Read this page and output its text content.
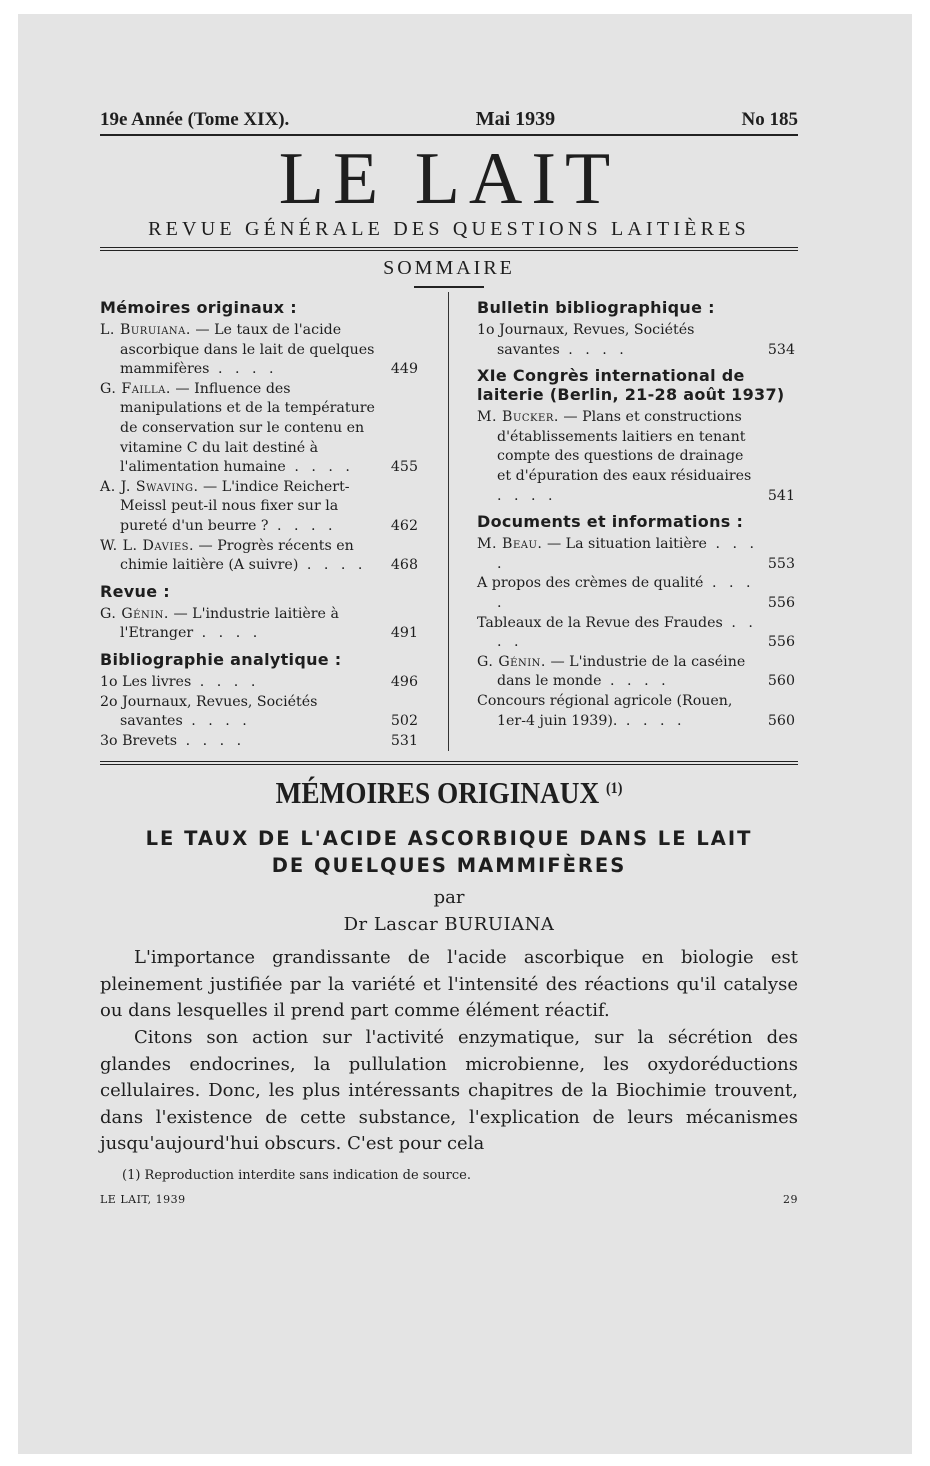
19e Année (Tome XIX).	Mai 1939	No 185
LE LAIT
REVUE GÉNÉRALE DES QUESTIONS LAITIÈRES
SOMMAIRE
Mémoires originaux :
L. Buruiana. — Le taux de l'acide ascorbique dans le lait de quelques mammifères . . . .	449
G. Failla. — Influence des manipulations et de la température de conservation sur le contenu en vitamine C du lait destiné à l'alimentation humaine . . . .	455
A. J. Swaving. — L'indice Reichert-Meissl peut-il nous fixer sur la pureté d'un beurre ? . . . .	462
W. L. Davies. — Progrès récents en chimie laitière (A suivre) . . . .	468
Revue :
G. Génin. — L'industrie laitière à l'Etranger . . . .	491
Bibliographie analytique :
1o Les livres . . . .	496
2o Journaux, Revues, Sociétés savantes . . . .	502
3o Brevets . . . .	531
Bulletin bibliographique :
1o Journaux, Revues, Sociétés savantes . . . .	534
XIe Congrès international de laiterie (Berlin, 21-28 août 1937)
M. Bucker. — Plans et constructions d'établissements laitiers en tenant compte des questions de drainage et d'épuration des eaux résiduaires . . . .	541
Documents et informations :
M. Beau. — La situation laitière . . . .	553
A propos des crèmes de qualité . . . .	556
Tableaux de la Revue des Fraudes . . . .	556
G. Génin. — L'industrie de la caséine dans le monde . . . .	560
Concours régional agricole (Rouen, 1er-4 juin 1939). . . . .	560
MÉMOIRES ORIGINAUX $^{(1)}$
LE TAUX DE L'ACIDE ASCORBIQUE DANS LE LAIT
DE QUELQUES MAMMIFÈRES
par
Dr Lascar BURUIANA

L'importance grandissante de l'acide ascorbique en biologie est pleinement justifiée par la variété et l'intensité des réactions qu'il catalyse ou dans lesquelles il prend part comme élément réactif.

Citons son action sur l'activité enzymatique, sur la sécrétion des glandes endocrines, la pullulation microbienne, les oxydoréductions cellulaires. Donc, les plus intéressants chapitres de la Biochimie trouvent, dans l'existence de cette substance, l'explication de leurs mécanismes jusqu'aujourd'hui obscurs. C'est pour cela

(1) Reproduction interdite sans indication de source.
LE LAIT, 1939	29
